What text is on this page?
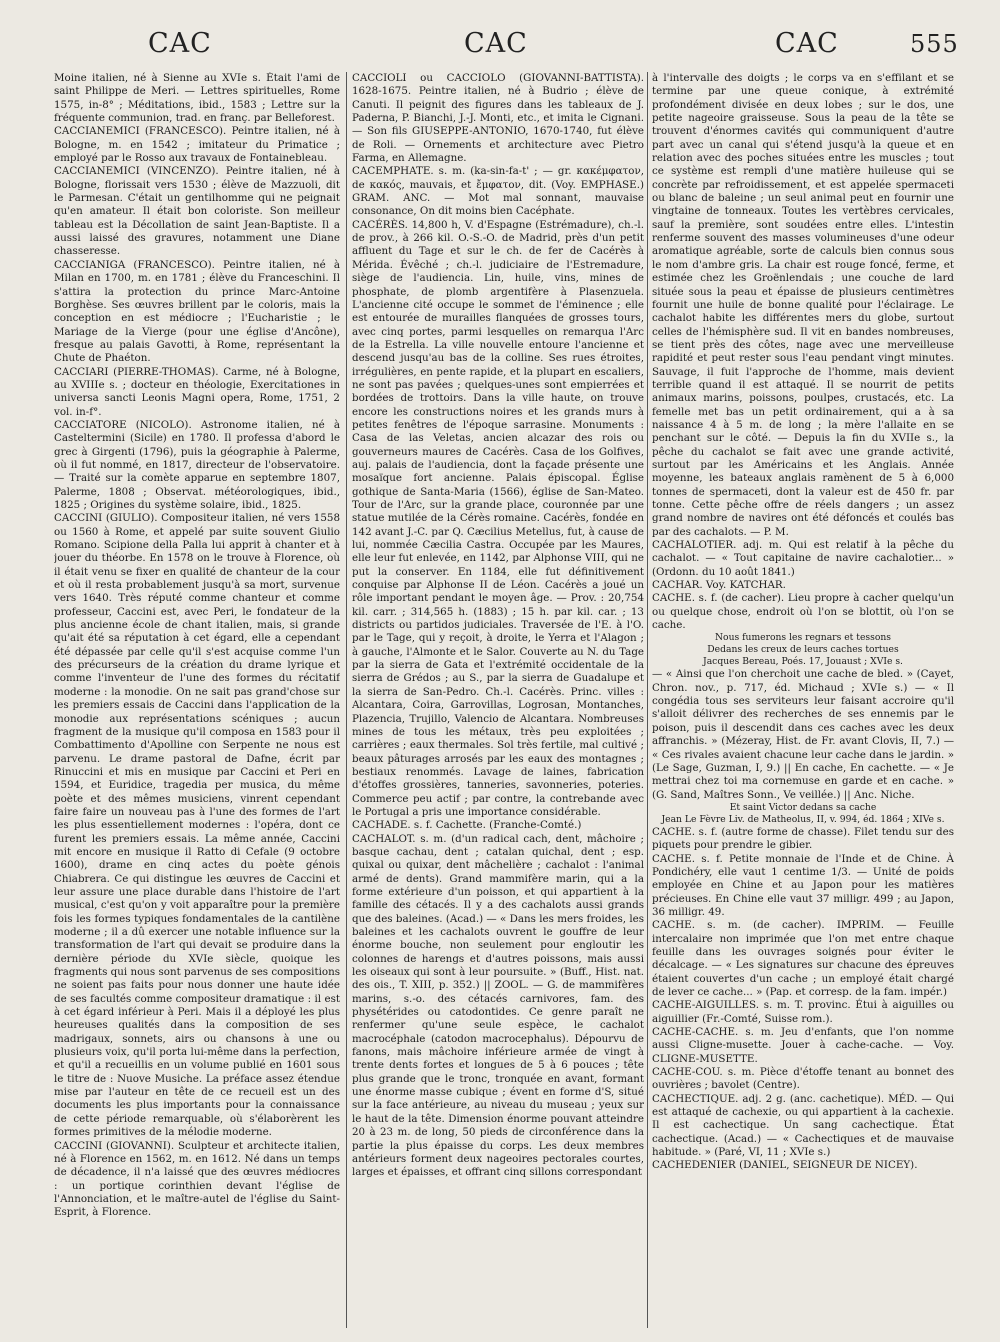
CAC	CAC	CAC	555

Moine italien, né à Sienne au XVIe s. Était l'ami de saint Philippe de Meri. — Lettres spirituelles, Rome 1575, in-8° ; Méditations, ibid., 1583 ; Lettre sur la fréquente communion, trad. en franç. par Belleforest.

CACCIANEMICI (FRANCESCO). Peintre italien, né à Bologne, m. en 1542 ; imitateur du Primatice ; employé par le Rosso aux travaux de Fontainebleau.

CACCIANEMICI (VINCENZO). Peintre italien, né à Bologne, florissait vers 1530 ; élève de Mazzuoli, dit le Parmesan. C'était un gentilhomme qui ne peignait qu'en amateur. Il était bon coloriste. Son meilleur tableau est la Décollation de saint Jean-Baptiste. Il a aussi laissé des gravures, notamment une Diane chasseresse.

CACCIANIGA (FRANCESCO). Peintre italien, né à Milan en 1700, m. en 1781 ; élève du Franceschini. Il s'attira la protection du prince Marc-Antoine Borghèse. Ses œuvres brillent par le coloris, mais la conception en est médiocre ; l'Eucharistie ; le Mariage de la Vierge (pour une église d'Ancône), fresque au palais Gavotti, à Rome, représentant la Chute de Phaéton.

CACCIARI (PIERRE-THOMAS). Carme, né à Bologne, au XVIIIe s. ; docteur en théologie, Exercitationes in universa sancti Leonis Magni opera, Rome, 1751, 2 vol. in-f°.

CACCIATORE (NICOLO). Astronome italien, né à Casteltermini (Sicile) en 1780. Il professa d'abord le grec à Girgenti (1796), puis la géographie à Palerme, où il fut nommé, en 1817, directeur de l'observatoire. — Traité sur la comète apparue en septembre 1807, Palerme, 1808 ; Observat. météorologiques, ibid., 1825 ; Origines du système solaire, ibid., 1825.

CACCINI (GIULIO). Compositeur italien, né vers 1558 ou 1560 à Rome, et appelé par suite souvent Giulio Romano. Scipione della Palla lui apprit à chanter et à jouer du théorbe. En 1578 on le trouve à Florence, où il était venu se fixer en qualité de chanteur de la cour et où il resta probablement jusqu'à sa mort, survenue vers 1640. Très réputé comme chanteur et comme professeur, Caccini est, avec Peri, le fondateur de la plus ancienne école de chant italien, mais, si grande qu'ait été sa réputation à cet égard, elle a cependant été dépassée par celle qu'il s'est acquise comme l'un des précurseurs de la création du drame lyrique et comme l'inventeur de l'une des formes du récitatif moderne : la monodie. On ne sait pas grand'chose sur les premiers essais de Caccini dans l'application de la monodie aux représentations scéniques ; aucun fragment de la musique qu'il composa en 1583 pour il Combattimento d'Apolline con Serpente ne nous est parvenu. Le drame pastoral de Dafne, écrit par Rinuccini et mis en musique par Caccini et Peri en 1594, et Euridice, tragedia per musica, du même poète et des mêmes musiciens, vinrent cependant faire faire un nouveau pas à l'une des formes de l'art les plus essentiellement modernes : l'opéra, dont ce furent les premiers essais. La même année, Caccini mit encore en musique il Ratto di Cefale (9 octobre 1600), drame en cinq actes du poète génois Chiabrera. Ce qui distingue les œuvres de Caccini et leur assure une place durable dans l'histoire de l'art musical, c'est qu'on y voit apparaître pour la première fois les formes typiques fondamentales de la cantilène moderne ; il a dû exercer une notable influence sur la transformation de l'art qui devait se produire dans la dernière période du XVIe siècle, quoique les fragments qui nous sont parvenus de ses compositions ne soient pas faits pour nous donner une haute idée de ses facultés comme compositeur dramatique : il est à cet égard inférieur à Peri. Mais il a déployé les plus heureuses qualités dans la composition de ses madrigaux, sonnets, airs ou chansons à une ou plusieurs voix, qu'il porta lui-même dans la perfection, et qu'il a recueillis en un volume publié en 1601 sous le titre de : Nuove Musiche. La préface assez étendue mise par l'auteur en tête de ce recueil est un des documents les plus importants pour la connaissance de cette période remarquable, où s'élaborèrent les formes primitives de la mélodie moderne.

CACCINI (GIOVANNI). Sculpteur et architecte italien, né à Florence en 1562, m. en 1612. Né dans un temps de décadence, il n'a laissé que des œuvres médiocres : un portique corinthien devant l'église de l'Annonciation, et le maître-autel de l'église du Saint-Esprit, à Florence.

CACCIOLI ou CACCIOLO (GIOVANNI-BATTISTA). 1628-1675. Peintre italien, né à Budrio ; élève de Canuti. Il peignit des figures dans les tableaux de J. Paderna, P. Bianchi, J.-J. Monti, etc., et imita le Cignani. — Son fils GIUSEPPE-ANTONIO, 1670-1740, fut élève de Roli. — Ornements et architecture avec Pietro Farma, en Allemagne.

CACEMPHATE. s. m. (ka-sin-fa-t' ; — gr. κακέμφατον, de κακός, mauvais, et ἔμφατον, dit. (Voy. EMPHASE.) GRAM. ANC. — Mot mal sonnant, mauvaise consonance, On dit moins bien Cacéphate.

CACÉRÈS. 14,800 h, V. d'Espagne (Estrémadure), ch.-l. de prov., à 266 kil. O.-S.-O. de Madrid, près d'un petit affluent du Tage et sur le ch. de fer de Cacérès à Mérida. Évêché ; ch.-l. judiciaire de l'Estremadure, siège de l'audiencia. Lin, huile, vins, mines de phosphate, de plomb argentifère à Plasenzuela. L'ancienne cité occupe le sommet de l'éminence ; elle est entourée de murailles flanquées de grosses tours, avec cinq portes, parmi lesquelles on remarqua l'Arc de la Estrella. La ville nouvelle entoure l'ancienne et descend jusqu'au bas de la colline. Ses rues étroites, irrégulières, en pente rapide, et la plupart en escaliers, ne sont pas pavées ; quelques-unes sont empierrées et bordées de trottoirs. Dans la ville haute, on trouve encore les constructions noires et les grands murs à petites fenêtres de l'époque sarrasine. Monuments : Casa de las Veletas, ancien alcazar des rois ou gouverneurs maures de Cacérès. Casa de los Golfives, auj. palais de l'audiencia, dont la façade présente une mosaïque fort ancienne. Palais épiscopal. Église gothique de Santa-Maria (1566), église de San-Mateo. Tour de l'Arc, sur la grande place, couronnée par une statue mutilée de la Cérès romaine. Cacérès, fondée en 142 avant J.-C. par Q. Cæcilius Metellus, fut, à cause de lui, nommée Cæcilia Castra. Occupée par les Maures, elle leur fut enlevée, en 1142, par Alphonse VIII, qui ne put la conserver. En 1184, elle fut définitivement conquise par Alphonse II de Léon. Cacérès a joué un rôle important pendant le moyen âge. — Prov. : 20,754 kil. carr. ; 314,565 h. (1883) ; 15 h. par kil. car. ; 13 districts ou partidos judiciales. Traversée de l'E. à l'O. par le Tage, qui y reçoit, à droite, le Yerra et l'Alagon ; à gauche, l'Almonte et le Salor. Couverte au N. du Tage par la sierra de Gata et l'extrémité occidentale de la sierra de Grédos ; au S., par la sierra de Guadalupe et la sierra de San-Pedro. Ch.-l. Cacérès. Princ. villes : Alcantara, Coira, Garrovillas, Logrosan, Montanches, Plazencia, Trujillo, Valencio de Alcantara. Nombreuses mines de tous les métaux, très peu exploitées ; carrières ; eaux thermales. Sol très fertile, mal cultivé ; beaux pâturages arrosés par les eaux des montagnes ; bestiaux renommés. Lavage de laines, fabrication d'étoffes grossières, tanneries, savonneries, poteries. Commerce peu actif ; par contre, la contrebande avec le Portugal a pris une importance considérable.

CACHADE. s. f. Cachette. (Franche-Comté.)

CACHALOT. s. m. (d'un radical cach, dent, mâchoire ; basque cachau, dent ; catalan quichal, dent ; esp. quixal ou quixar, dent mâchelière ; cachalot : l'animal armé de dents). Grand mammifère marin, qui a la forme extérieure d'un poisson, et qui appartient à la famille des cétacés. Il y a des cachalots aussi grands que des baleines. (Acad.) — « Dans les mers froides, les baleines et les cachalots ouvrent le gouffre de leur énorme bouche, non seulement pour engloutir les colonnes de harengs et d'autres poissons, mais aussi les oiseaux qui sont à leur poursuite. » (Buff., Hist. nat. des ois., T. XIII, p. 352.) || ZOOL. — G. de mammifères marins, s.-o. des cétacés carnivores, fam. des physétérides ou catodontides. Ce genre paraît ne renfermer qu'une seule espèce, le cachalot macrocéphale (catodon macrocephalus). Dépourvu de fanons, mais mâchoire inférieure armée de vingt à trente dents fortes et longues de 5 à 6 pouces ; tête plus grande que le tronc, tronquée en avant, formant une énorme masse cubique ; évent en forme d'S, situé sur la face antérieure, au niveau du museau ; yeux sur le haut de la tête. Dimension énorme pouvant atteindre 20 à 23 m. de long, 50 pieds de circonférence dans la partie la plus épaisse du corps. Les deux membres antérieurs forment deux nageoires pectorales courtes, larges et épaisses, et offrant cinq sillons correspondant

à l'intervalle des doigts ; le corps va en s'effilant et se termine par une queue conique, à extrémité profondément divisée en deux lobes ; sur le dos, une petite nageoire graisseuse. Sous la peau de la tête se trouvent d'énormes cavités qui communiquent d'autre part avec un canal qui s'étend jusqu'à la queue et en relation avec des poches situées entre les muscles ; tout ce système est rempli d'une matière huileuse qui se concrète par refroidissement, et est appelée spermaceti ou blanc de baleine ; un seul animal peut en fournir une vingtaine de tonneaux. Toutes les vertèbres cervicales, sauf la première, sont soudées entre elles. L'intestin renferme souvent des masses volumineuses d'une odeur aromatique agréable, sorte de calculs bien connus sous le nom d'ambre gris. La chair est rouge foncé, ferme, et estimée chez les Groënlendais ; une couche de lard située sous la peau et épaisse de plusieurs centimètres fournit une huile de bonne qualité pour l'éclairage. Le cachalot habite les différentes mers du globe, surtout celles de l'hémisphère sud. Il vit en bandes nombreuses, se tient près des côtes, nage avec une merveilleuse rapidité et peut rester sous l'eau pendant vingt minutes. Sauvage, il fuit l'approche de l'homme, mais devient terrible quand il est attaqué. Il se nourrit de petits animaux marins, poissons, poulpes, crustacés, etc. La femelle met bas un petit ordinairement, qui a à sa naissance 4 à 5 m. de long ; la mère l'allaite en se penchant sur le côté. — Depuis la fin du XVIIe s., la pêche du cachalot se fait avec une grande activité, surtout par les Américains et les Anglais. Année moyenne, les bateaux anglais ramènent de 5 à 6,000 tonnes de spermaceti, dont la valeur est de 450 fr. par tonne. Cette pêche offre de réels dangers ; un assez grand nombre de navires ont été défoncés et coulés bas par des cachalots. — P. M.

CACHALOTIER. adj. m. Qui est relatif à la pêche du cachalot. — « Tout capitaine de navire cachalotier... » (Ordonn. du 10 août 1841.)

CACHAR. Voy. KATCHAR.

CACHE. s. f. (de cacher). Lieu propre à cacher quelqu'un ou quelque chose, endroit où l'on se blottit, où l'on se cache.

Nous fumerons les regnars et tessons

Dedans les creux de leurs caches tortues

Jacques Bereau, Poés. 17, Jouaust ; XVIe s.

— « Ainsi que l'on cherchoit une cache de bled. » (Cayet, Chron. nov., p. 717, éd. Michaud ; XVIe s.) — « Il congédia tous ses serviteurs leur faisant accroire qu'il s'alloit délivrer des recherches de ses ennemis par le poison, puis il descendit dans ces caches avec les deux affranchis. » (Mézeray, Hist. de Fr. avant Clovis, II, 7.) — « Ces rivales avaient chacune leur cache dans le jardin. » (Le Sage, Guzman, I, 9.) || En cache, En cachette. — « Je mettrai chez toi ma cornemuse en garde et en cache. » (G. Sand, Maîtres Sonn., Ve veillée.) || Anc. Niche.

Et saint Victor dedans sa cache

Jean Le Fèvre Liv. de Matheolus, II, v. 994, éd. 1864 ; XIVe s.

CACHE. s. f. (autre forme de chasse). Filet tendu sur des piquets pour prendre le gibier.

CACHE. s. f. Petite monnaie de l'Inde et de Chine. À Pondichéry, elle vaut 1 centime 1/3. — Unité de poids employée en Chine et au Japon pour les matières précieuses. En Chine elle vaut 37 milligr. 499 ; au Japon, 36 milligr. 49.

CACHE. s. m. (de cacher). IMPRIM. — Feuille intercalaire non imprimée que l'on met entre chaque feuille dans les ouvrages soignés pour éviter le décalcage. — « Les signatures sur chacune des épreuves étaient couvertes d'un cache ; un employé était chargé de lever ce cache... » (Pap. et corresp. de la fam. impér.)

CACHE-AIGUILLES. s. m. T. provinc. Étui à aiguilles ou aiguillier (Fr.-Comté, Suisse rom.).

CACHE-CACHE. s. m. Jeu d'enfants, que l'on nomme aussi Cligne-musette. Jouer à cache-cache. — Voy. CLIGNE-MUSETTE.

CACHE-COU. s. m. Pièce d'étoffe tenant au bonnet des ouvrières ; bavolet (Centre).

CACHECTIQUE. adj. 2 g. (anc. cachetique). MÉD. — Qui est attaqué de cachexie, ou qui appartient à la cachexie. Il est cachectique. Un sang cachectique. État cachectique. (Acad.) — « Cachectiques et de mauvaise habitude. » (Paré, VI, 11 ; XVIe s.)

CACHEDENIER (DANIEL, SEIGNEUR DE NICEY).
